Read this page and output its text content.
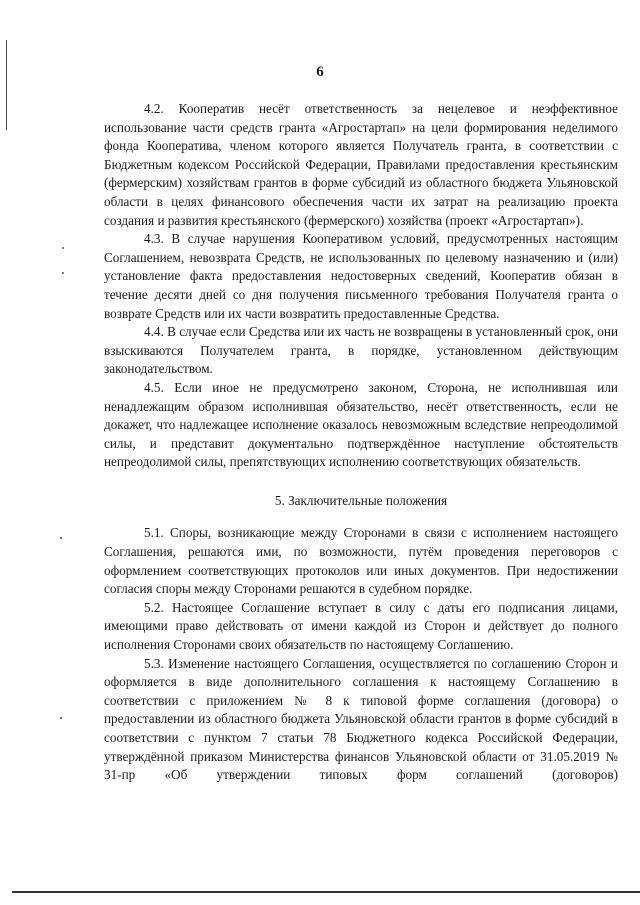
6

4.2. Кооператив несёт ответственность за нецелевое и неэффективное использование части средств гранта «Агростартап» на цели формирования неделимого фонда Кооператива, членом которого является Получатель гранта, в соответствии с Бюджетным кодексом Российской Федерации, Правилами предоставления крестьянским (фермерским) хозяйствам грантов в форме субсидий из областного бюджета Ульяновской области в целях финансового обеспечения части их затрат на реализацию проекта создания и развития крестьянского (фермерского) хозяйства (проект «Агростартап»).

4.3. В случае нарушения Кооперативом условий, предусмотренных настоящим Соглашением, невозврата Средств, не использованных по целевому назначению и (или) установление факта предоставления недостоверных сведений, Кооператив обязан в течение десяти дней со дня получения письменного требования Получателя гранта о возврате Средств или их части возвратить предоставленные Средства.

4.4. В случае если Средства или их часть не возвращены в установленный срок, они взыскиваются Получателем гранта, в порядке, установленном действующим законодательством.

4.5. Если иное не предусмотрено законом, Сторона, не исполнившая или ненадлежащим образом исполнившая обязательство, несёт ответственность, если не докажет, что надлежащее исполнение оказалось невозможным вследствие непреодолимой силы, и представит документально подтверждённое наступление обстоятельств непреодолимой силы, препятствующих исполнению соответствующих обязательств.

5. Заключительные положения

5.1. Споры, возникающие между Сторонами в связи с исполнением настоящего Соглашения, решаются ими, по возможности, путём проведения переговоров с оформлением соответствующих протоколов или иных документов. При недостижении согласия споры между Сторонами решаются в судебном порядке.

5.2. Настоящее Соглашение вступает в силу с даты его подписания лицами, имеющими право действовать от имени каждой из Сторон и действует до полного исполнения Сторонами своих обязательств по настоящему Соглашению.

5.3. Изменение настоящего Соглашения, осуществляется по соглашению Сторон и оформляется в виде дополнительного соглашения к настоящему Соглашению в соответствии с приложением № 8 к типовой форме соглашения (договора) о предоставлении из областного бюджета Ульяновской области грантов в форме субсидий в соответствии с пунктом 7 статьи 78 Бюджетного кодекса Российской Федерации, утверждённой приказом Министерства финансов Ульяновской области от 31.05.2019 № 31-пр «Об утверждении типовых форм соглашений (договоров)
